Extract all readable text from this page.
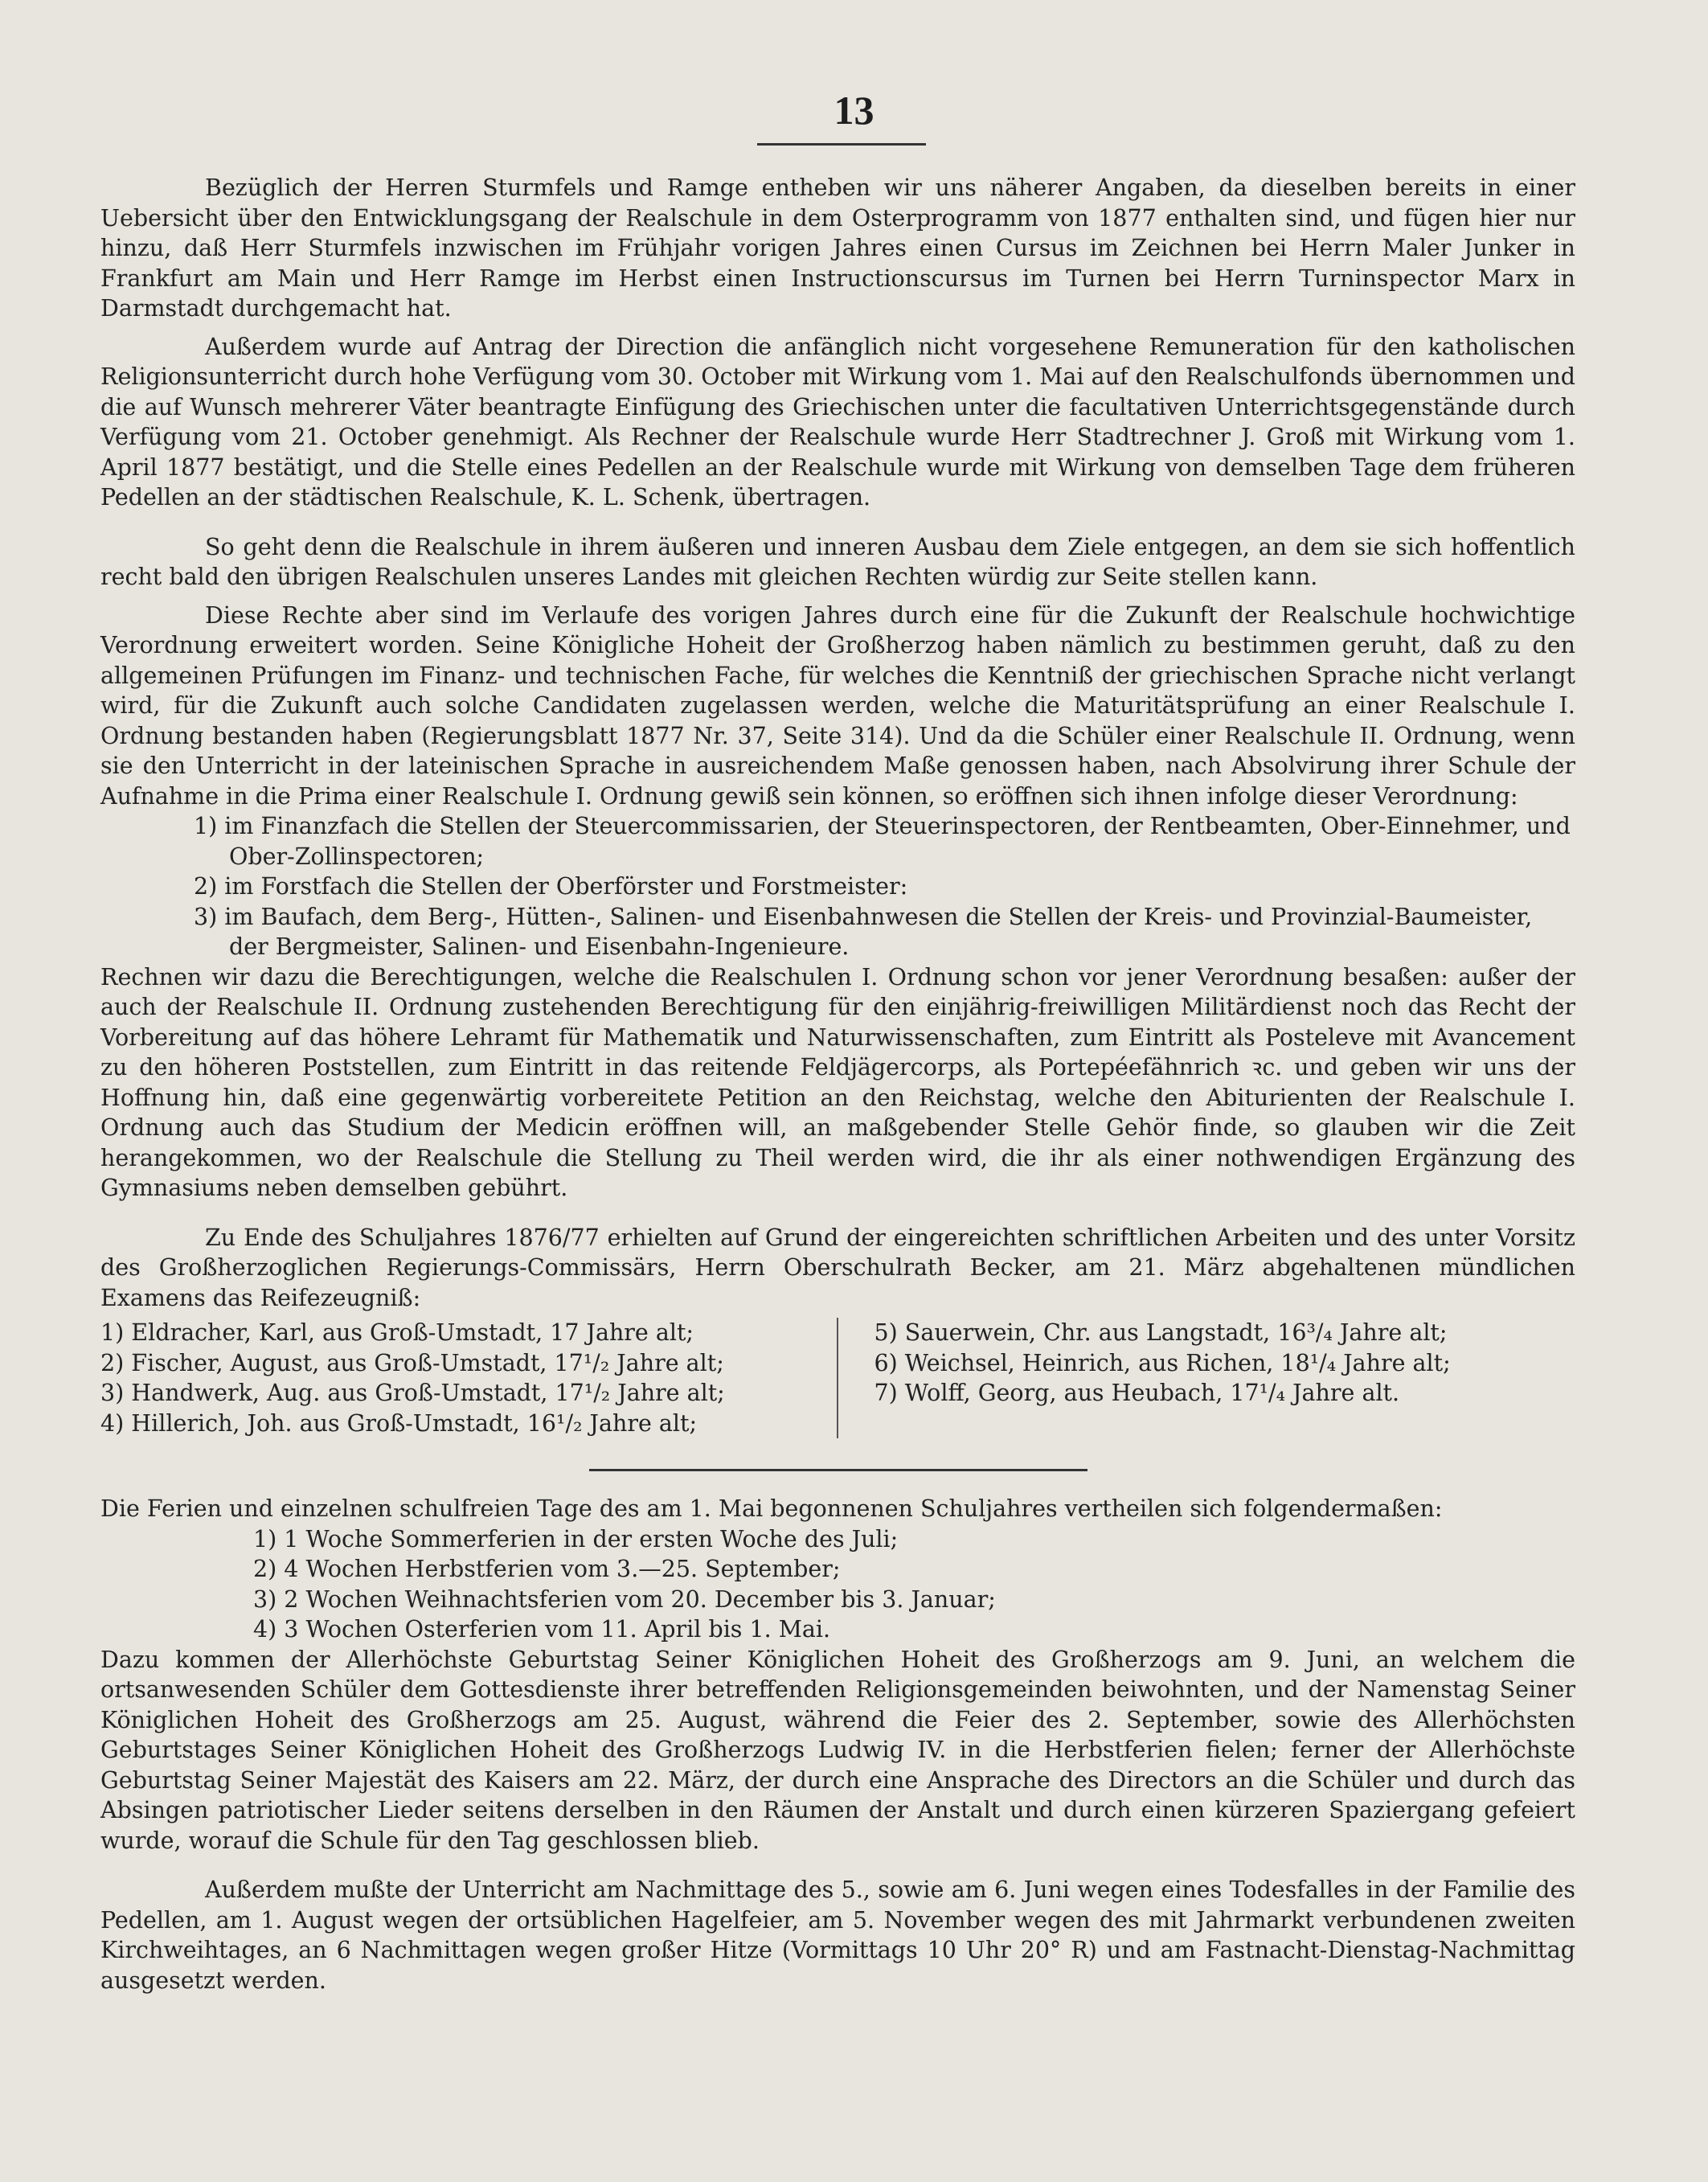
13

Bezüglich der Herren Sturmfels und Ramge entheben wir uns näherer Angaben, da dieselben bereits in einer Uebersicht über den Entwicklungsgang der Realschule in dem Osterprogramm von 1877 enthalten sind, und fügen hier nur hinzu, daß Herr Sturmfels inzwischen im Frühjahr vorigen Jahres einen Cursus im Zeichnen bei Herrn Maler Junker in Frankfurt am Main und Herr Ramge im Herbst einen Instructionscursus im Turnen bei Herrn Turninspector Marx in Darmstadt durchgemacht hat.

Außerdem wurde auf Antrag der Direction die anfänglich nicht vorgesehene Remuneration für den katholischen Religionsunterricht durch hohe Verfügung vom 30. October mit Wirkung vom 1. Mai auf den Realschulfonds übernommen und die auf Wunsch mehrerer Väter beantragte Einfügung des Griechischen unter die facultativen Unterrichtsgegenstände durch Verfügung vom 21. October genehmigt. Als Rechner der Realschule wurde Herr Stadtrechner J. Groß mit Wirkung vom 1. April 1877 bestätigt, und die Stelle eines Pedellen an der Realschule wurde mit Wirkung von demselben Tage dem früheren Pedellen an der städtischen Realschule, K. L. Schenk, übertragen.

So geht denn die Realschule in ihrem äußeren und inneren Ausbau dem Ziele entgegen, an dem sie sich hoffentlich recht bald den übrigen Realschulen unseres Landes mit gleichen Rechten würdig zur Seite stellen kann.

Diese Rechte aber sind im Verlaufe des vorigen Jahres durch eine für die Zukunft der Realschule hochwichtige Verordnung erweitert worden. Seine Königliche Hoheit der Großherzog haben nämlich zu bestimmen geruht, daß zu den allgemeinen Prüfungen im Finanz- und technischen Fache, für welches die Kenntniß der griechischen Sprache nicht verlangt wird, für die Zukunft auch solche Candidaten zugelassen werden, welche die Maturitätsprüfung an einer Realschule I. Ordnung bestanden haben (Regierungsblatt 1877 Nr. 37, Seite 314). Und da die Schüler einer Realschule II. Ordnung, wenn sie den Unterricht in der lateinischen Sprache in ausreichendem Maße genossen haben, nach Absolvirung ihrer Schule der Aufnahme in die Prima einer Realschule I. Ordnung gewiß sein können, so eröffnen sich ihnen infolge dieser Verordnung:

1) im Finanzfach die Stellen der Steuercommissarien, der Steuerinspectoren, der Rentbeamten, Ober-Einnehmer, und Ober-Zollinspectoren;
2) im Forstfach die Stellen der Oberförster und Forstmeister:
3) im Baufach, dem Berg-, Hütten-, Salinen- und Eisenbahnwesen die Stellen der Kreis- und Provinzial-Baumeister, der Bergmeister, Salinen- und Eisenbahn-Ingenieure.

Rechnen wir dazu die Berechtigungen, welche die Realschulen I. Ordnung schon vor jener Verordnung besaßen: außer der auch der Realschule II. Ordnung zustehenden Berechtigung für den einjährig-freiwilligen Militärdienst noch das Recht der Vorbereitung auf das höhere Lehramt für Mathematik und Naturwissenschaften, zum Eintritt als Posteleve mit Avancement zu den höheren Poststellen, zum Eintritt in das reitende Feldjägercorps, als Portepéefähnrich ꝛc. und geben wir uns der Hoffnung hin, daß eine gegenwärtig vorbereitete Petition an den Reichstag, welche den Abiturienten der Realschule I. Ordnung auch das Studium der Medicin eröffnen will, an maßgebender Stelle Gehör finde, so glauben wir die Zeit herangekommen, wo der Realschule die Stellung zu Theil werden wird, die ihr als einer nothwendigen Ergänzung des Gymnasiums neben demselben gebührt.

Zu Ende des Schuljahres 1876/77 erhielten auf Grund der eingereichten schriftlichen Arbeiten und des unter Vorsitz des Großherzoglichen Regierungs-Commissärs, Herrn Oberschulrath Becker, am 21. März abgehaltenen mündlichen Examens das Reifezeugniß:

1) Eldracher, Karl, aus Groß-Umstadt, 17 Jahre alt;
2) Fischer, August, aus Groß-Umstadt, 17¹/₂ Jahre alt;
3) Handwerk, Aug. aus Groß-Umstadt, 17¹/₂ Jahre alt;
4) Hillerich, Joh. aus Groß-Umstadt, 16¹/₂ Jahre alt;
5) Sauerwein, Chr. aus Langstadt, 16³/₄ Jahre alt;
6) Weichsel, Heinrich, aus Richen, 18¹/₄ Jahre alt;
7) Wolff, Georg, aus Heubach, 17¹/₄ Jahre alt.

Die Ferien und einzelnen schulfreien Tage des am 1. Mai begonnenen Schuljahres vertheilen sich folgendermaßen:

1) 1 Woche Sommerferien in der ersten Woche des Juli;
2) 4 Wochen Herbstferien vom 3.—25. September;
3) 2 Wochen Weihnachtsferien vom 20. December bis 3. Januar;
4) 3 Wochen Osterferien vom 11. April bis 1. Mai.

Dazu kommen der Allerhöchste Geburtstag Seiner Königlichen Hoheit des Großherzogs am 9. Juni, an welchem die ortsanwesenden Schüler dem Gottesdienste ihrer betreffenden Religionsgemeinden beiwohnten, und der Namenstag Seiner Königlichen Hoheit des Großherzogs am 25. August, während die Feier des 2. September, sowie des Allerhöchsten Geburtstages Seiner Königlichen Hoheit des Großherzogs Ludwig IV. in die Herbstferien fielen; ferner der Allerhöchste Geburtstag Seiner Majestät des Kaisers am 22. März, der durch eine Ansprache des Directors an die Schüler und durch das Absingen patriotischer Lieder seitens derselben in den Räumen der Anstalt und durch einen kürzeren Spaziergang gefeiert wurde, worauf die Schule für den Tag geschlossen blieb.

Außerdem mußte der Unterricht am Nachmittage des 5., sowie am 6. Juni wegen eines Todesfalles in der Familie des Pedellen, am 1. August wegen der ortsüblichen Hagelfeier, am 5. November wegen des mit Jahrmarkt verbundenen zweiten Kirchweihtages, an 6 Nachmittagen wegen großer Hitze (Vormittags 10 Uhr 20° R) und am Fastnacht-Dienstag-Nachmittag ausgesetzt werden.
